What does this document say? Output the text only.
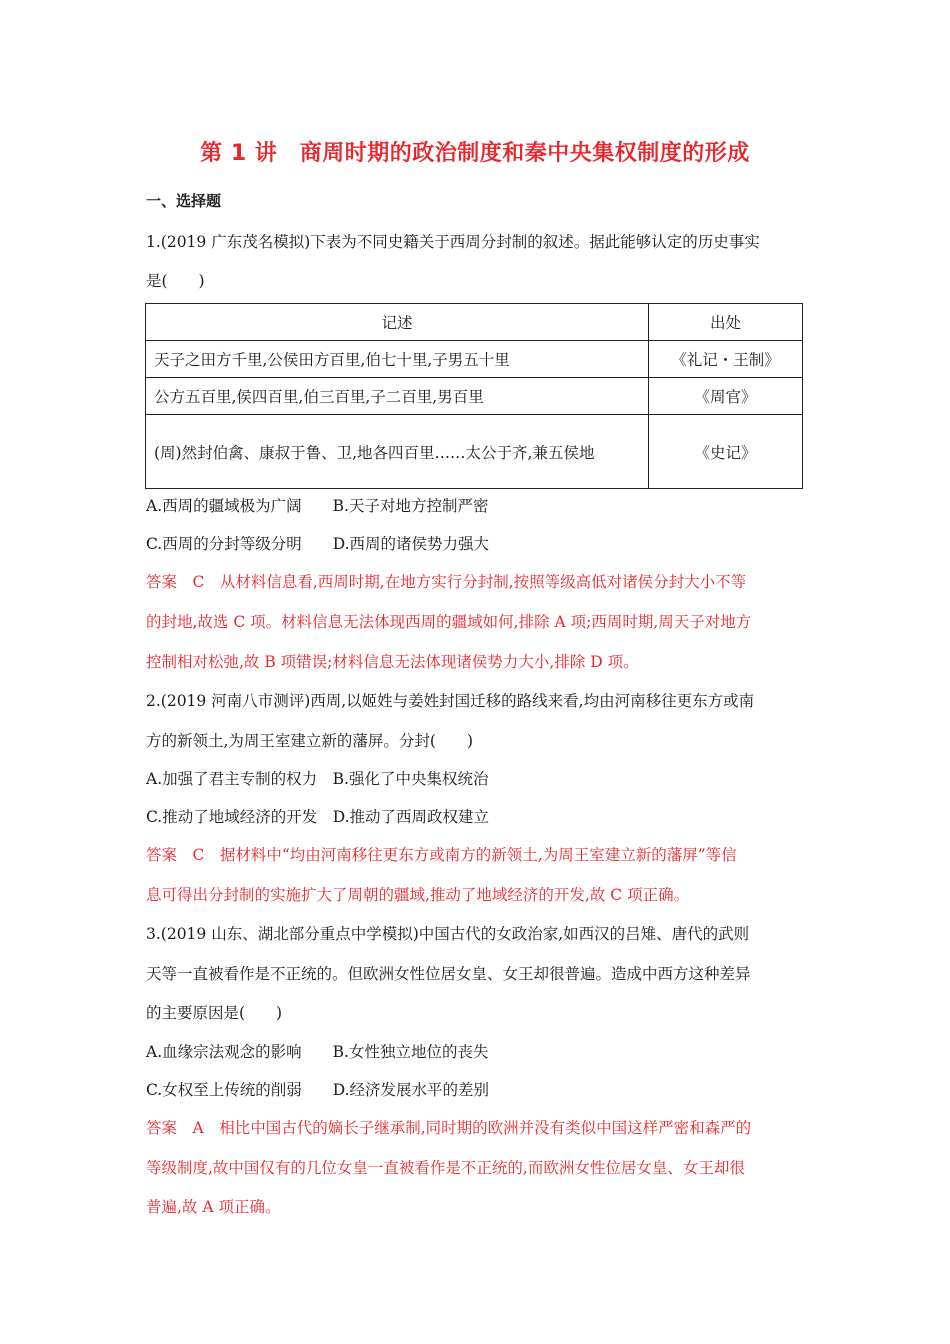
第 1 讲　商周时期的政治制度和秦中央集权制度的形成
一、选择题
1.(2019 广东茂名模拟)下表为不同史籍关于西周分封制的叙述。据此能够认定的历史事实
是(　　)
记述	出处
天子之田方千里,公侯田方百里,伯七十里,子男五十里	《礼记・王制》
公方五百里,侯四百里,伯三百里,子二百里,男百里	《周官》
(周)然封伯禽、康叔于鲁、卫,地各四百里……太公于齐,兼五侯地	《史记》
A.西周的疆域极为广阔　　B.天子对地方控制严密
C.西周的分封等级分明　　D.西周的诸侯势力强大
答案　C　从材料信息看,西周时期,在地方实行分封制,按照等级高低对诸侯分封大小不等
的封地,故选 C 项。材料信息无法体现西周的疆域如何,排除 A 项;西周时期,周天子对地方
控制相对松弛,故 B 项错误;材料信息无法体现诸侯势力大小,排除 D 项。
2.(2019 河南八市测评)西周,以姬姓与姜姓封国迁移的路线来看,均由河南移往更东方或南
方的新领土,为周王室建立新的藩屏。分封(　　)
A.加强了君主专制的权力　B.强化了中央集权统治
C.推动了地域经济的开发　D.推动了西周政权建立
答案　C　据材料中“均由河南移往更东方或南方的新领土,为周王室建立新的藩屏”等信
息可得出分封制的实施扩大了周朝的疆域,推动了地域经济的开发,故 C 项正确。
3.(2019 山东、湖北部分重点中学模拟)中国古代的女政治家,如西汉的吕雉、唐代的武则
天等一直被看作是不正统的。但欧洲女性位居女皇、女王却很普遍。造成中西方这种差异
的主要原因是(　　)
A.血缘宗法观念的影响　　B.女性独立地位的丧失
C.女权至上传统的削弱　　D.经济发展水平的差别
答案　A　相比中国古代的嫡长子继承制,同时期的欧洲并没有类似中国这样严密和森严的
等级制度,故中国仅有的几位女皇一直被看作是不正统的,而欧洲女性位居女皇、女王却很
普遍,故 A 项正确。
